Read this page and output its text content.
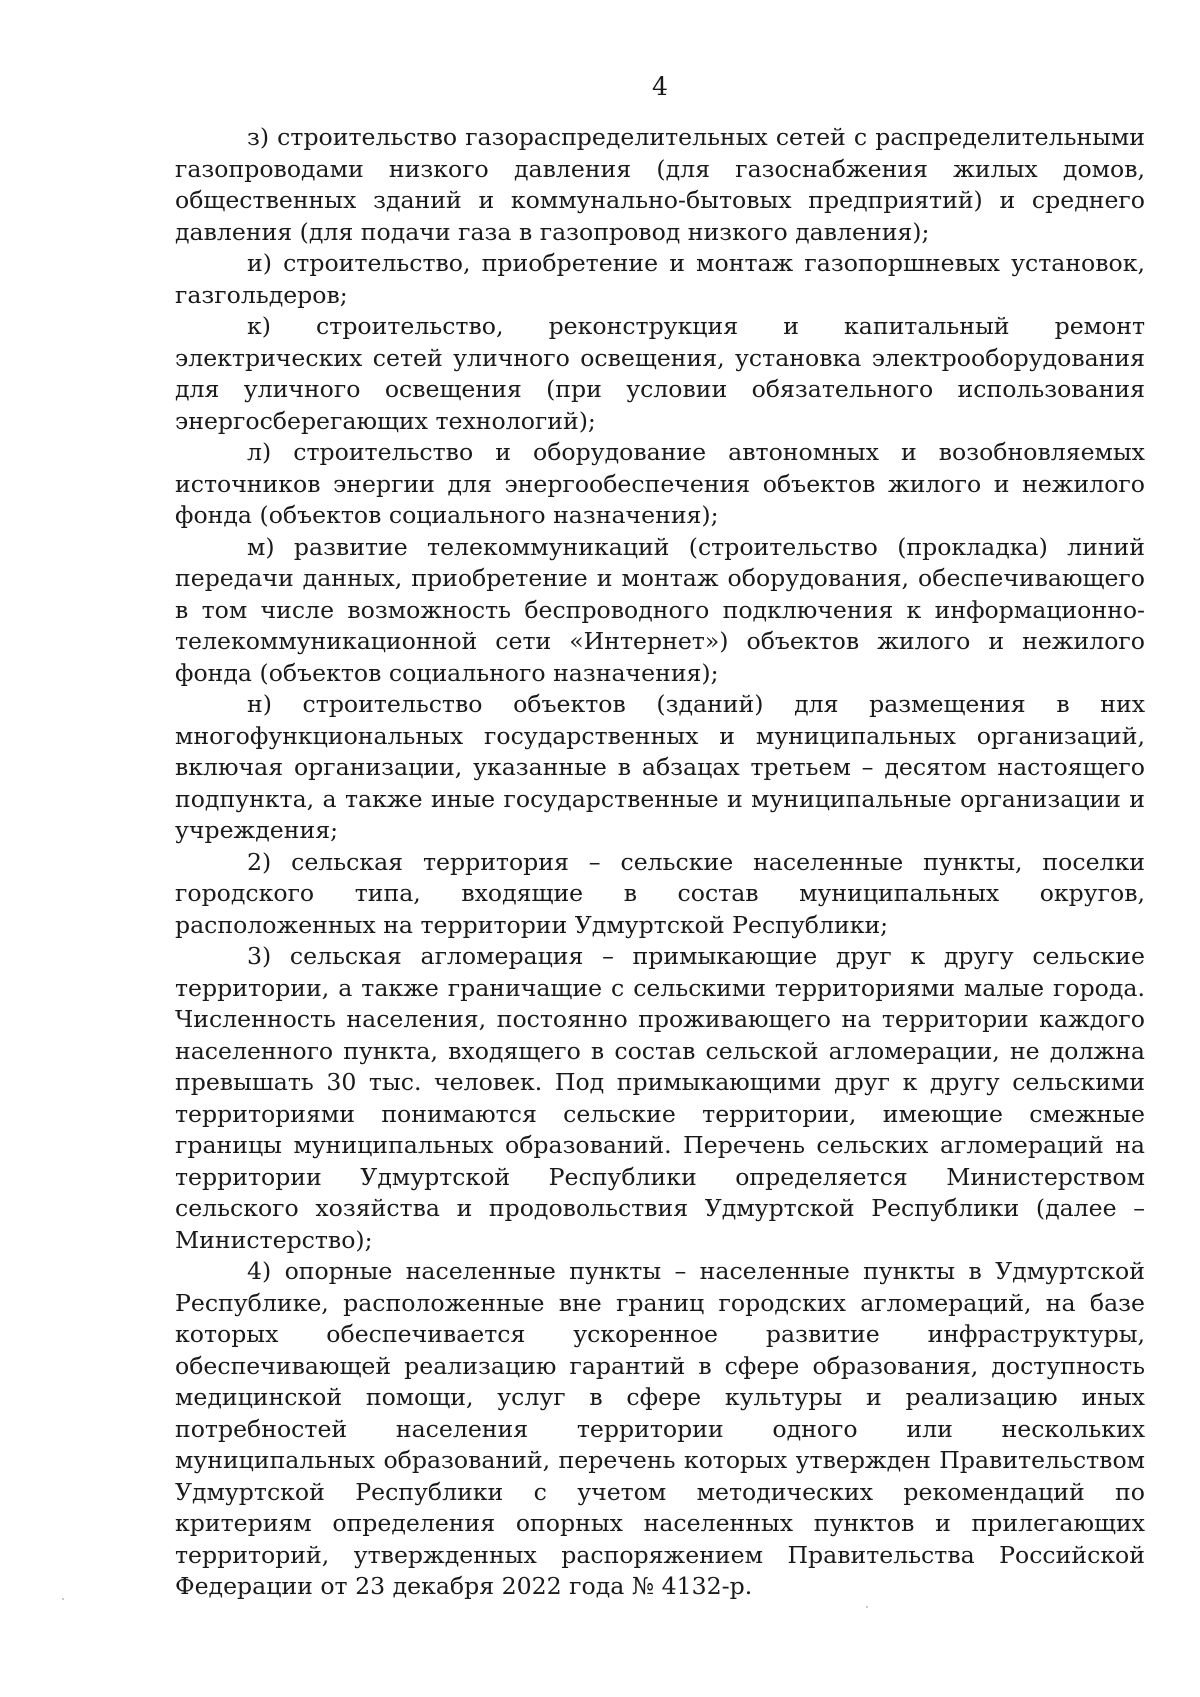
4

з) строительство газораспределительных сетей с распределительными газопроводами низкого давления (для газоснабжения жилых домов, общественных зданий и коммунально-бытовых предприятий) и среднего давления (для подачи газа в газопровод низкого давления);

и) строительство, приобретение и монтаж газопоршневых установок, газгольдеров;

к) строительство, реконструкция и капитальный ремонт электрических сетей уличного освещения, установка электрооборудования для уличного освещения (при условии обязательного использования энергосберегающих технологий);

л) строительство и оборудование автономных и возобновляемых источников энергии для энергообеспечения объектов жилого и нежилого фонда (объектов социального назначения);

м) развитие телекоммуникаций (строительство (прокладка) линий передачи данных, приобретение и монтаж оборудования, обеспечивающего в том числе возможность беспроводного подключения к информационно-телекоммуникационной сети «Интернет») объектов жилого и нежилого фонда (объектов социального назначения);

н) строительство объектов (зданий) для размещения в них многофункциональных государственных и муниципальных организаций, включая организации, указанные в абзацах третьем – десятом настоящего подпункта, а также иные государственные и муниципальные организации и учреждения;

2) сельская территория – сельские населенные пункты, поселки городского типа, входящие в состав муниципальных округов, расположенных на территории Удмуртской Республики;

3) сельская агломерация – примыкающие друг к другу сельские территории, а также граничащие с сельскими территориями малые города. Численность населения, постоянно проживающего на территории каждого населенного пункта, входящего в состав сельской агломерации, не должна превышать 30 тыс. человек. Под примыкающими друг к другу сельскими территориями понимаются сельские территории, имеющие смежные границы муниципальных образований. Перечень сельских агломераций на территории Удмуртской Республики определяется Министерством сельского хозяйства и продовольствия Удмуртской Республики (далее – Министерство);

4) опорные населенные пункты – населенные пункты в Удмуртской Республике, расположенные вне границ городских агломераций, на базе которых обеспечивается ускоренное развитие инфраструктуры, обеспечивающей реализацию гарантий в сфере образования, доступность медицинской помощи, услуг в сфере культуры и реализацию иных потребностей населения территории одного или нескольких муниципальных образований, перечень которых утвержден Правительством Удмуртской Республики с учетом методических рекомендаций по критериям определения опорных населенных пунктов и прилегающих территорий, утвержденных распоряжением Правительства Российской Федерации от 23 декабря 2022 года № 4132-р.
